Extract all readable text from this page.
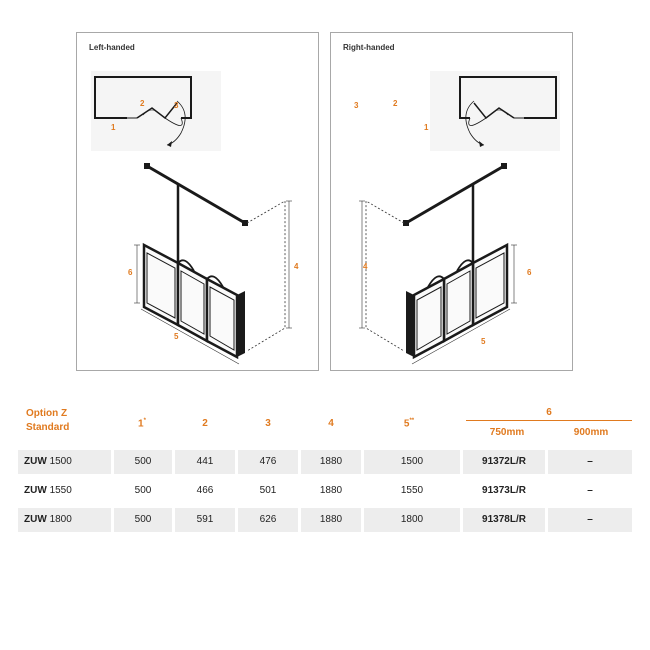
Left-handed
1
2	3
4
6
5
Right-handed
3	2
1
4
6
5
Option Z
Standard	1*	2	3	4	5**
6
750mm	900mm
ZUW 1500	500	441	476	1880	1500	91372L/R	–
ZUW 1550	500	466	501	1880	1550	91373L/R	–
ZUW 1800	500	591	626	1880	1800	91378L/R	–
